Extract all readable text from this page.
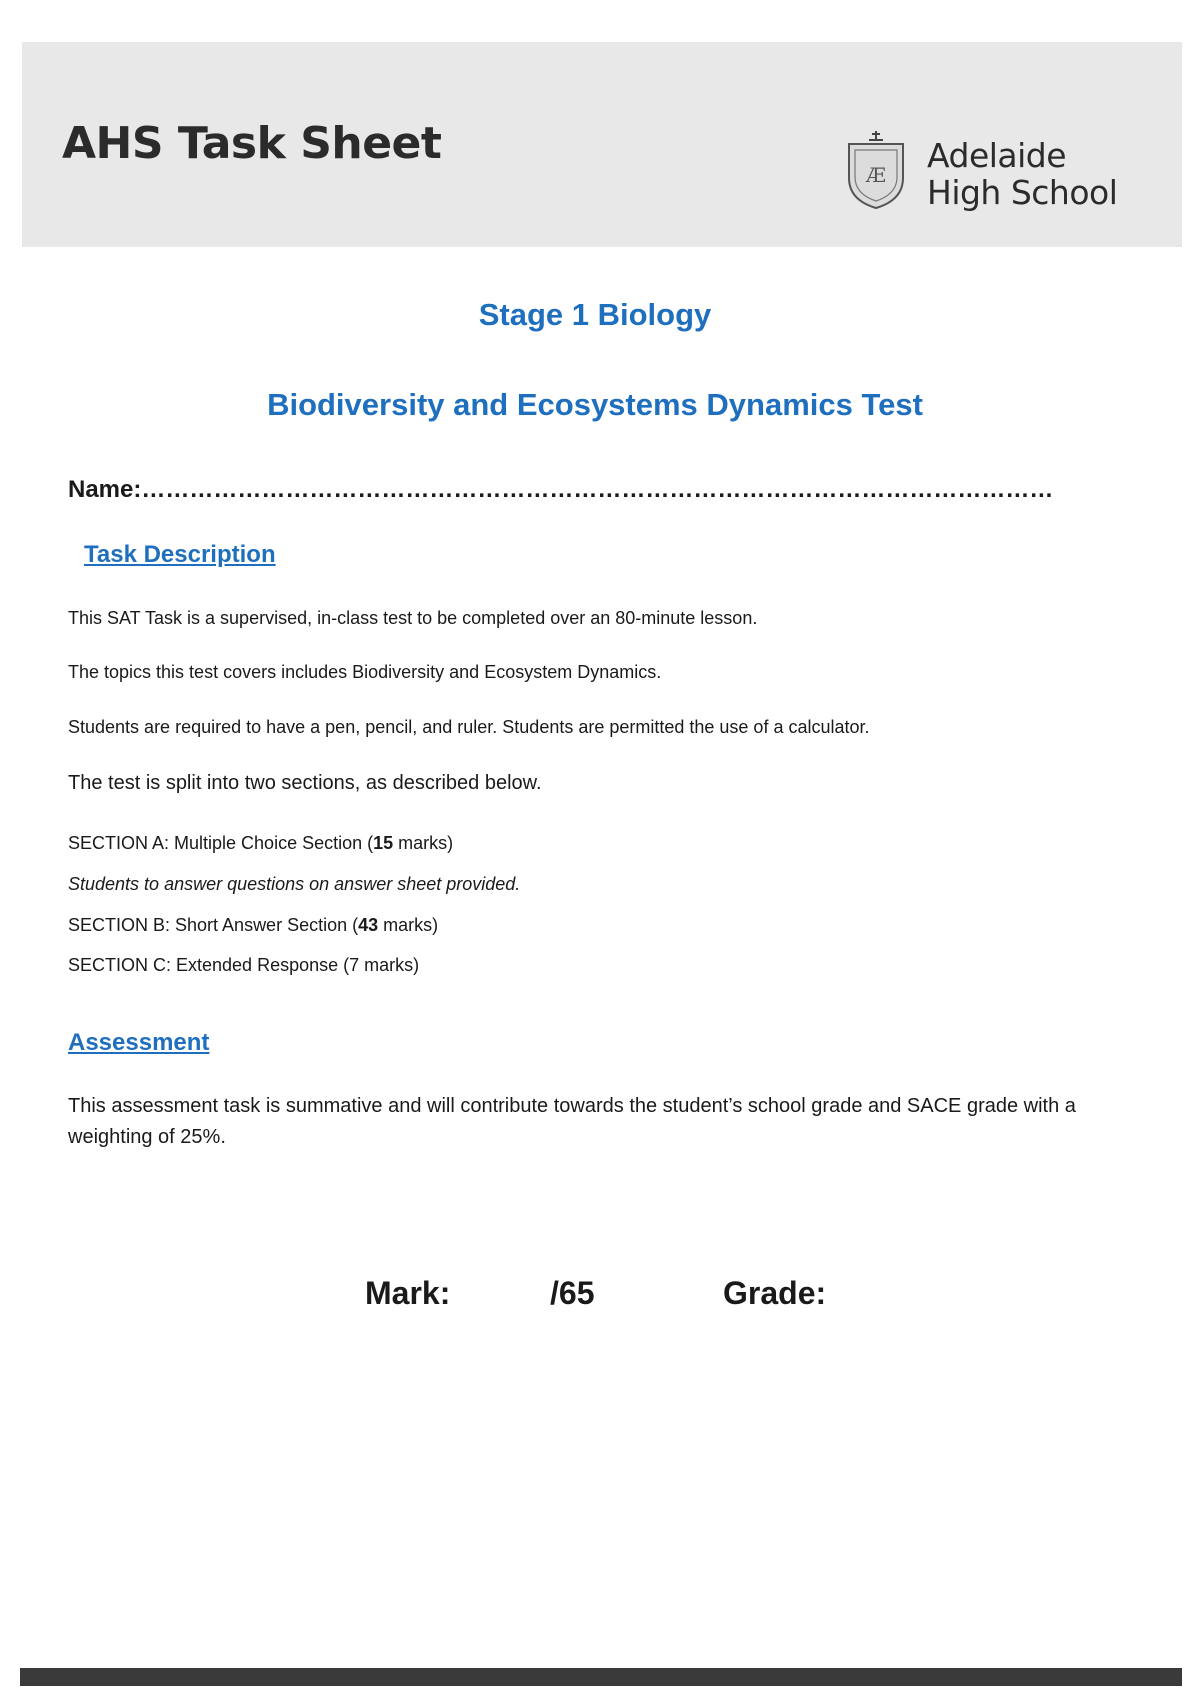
AHS Task Sheet
Æ Adelaide
High School
Stage 1 Biology
Biodiversity and Ecosystems Dynamics Test
Name:……………………………………………………………………………………………………
Task Description
This SAT Task is a supervised, in-class test to be completed over an 80-minute lesson.
The topics this test covers includes Biodiversity and Ecosystem Dynamics.
Students are required to have a pen, pencil, and ruler. Students are permitted the use of a calculator.
The test is split into two sections, as described below.
SECTION A: Multiple Choice Section (15 marks)
Students to answer questions on answer sheet provided.
SECTION B: Short Answer Section (43 marks)
SECTION C: Extended Response (7 marks)
Assessment
This assessment task is summative and will contribute towards the student’s school grade and SACE grade with a weighting of 25%.
Mark:	/65	Grade:
